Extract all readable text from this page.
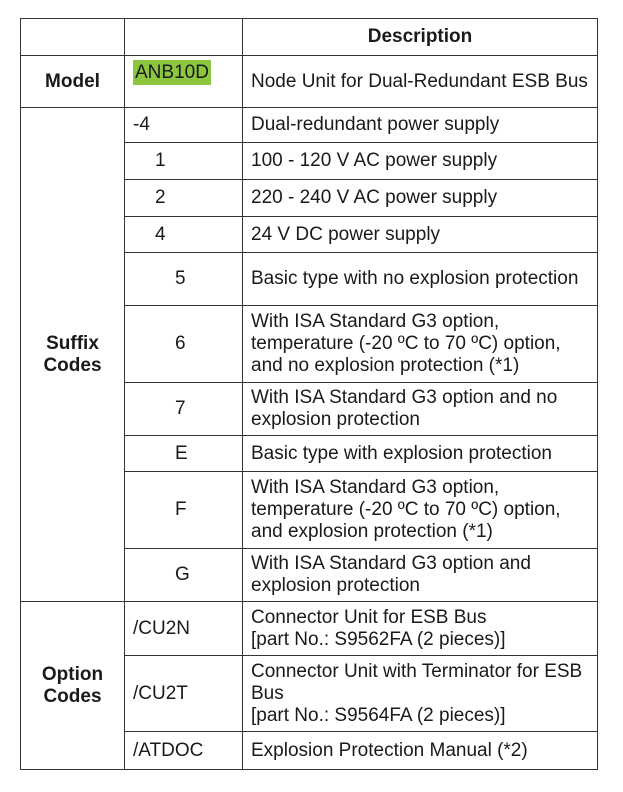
		Description
Model	ANB10D	Node Unit for Dual-Redundant ESB Bus
Suffix Codes	-4	Dual-redundant power supply
	1	100 - 120 V AC power supply
	2	220 - 240 V AC power supply
	4	24 V DC power supply
	5	Basic type with no explosion protection
	6	With ISA Standard G3 option, temperature (-20 ºC to 70 ºC) option, and no explosion protection (*1)
	7	With ISA Standard G3 option and no explosion protection
	E	Basic type with explosion protection
	F	With ISA Standard G3 option, temperature (-20 ºC to 70 ºC) option, and explosion protection (*1)
	G	With ISA Standard G3 option and explosion protection
Option Codes	/CU2N	Connector Unit for ESB Bus
[part No.: S9562FA (2 pieces)]

	/CU2T	Connector Unit with Terminator for ESB Bus
[part No.: S9564FA (2 pieces)]

	/ATDOC	Explosion Protection Manual (*2)
